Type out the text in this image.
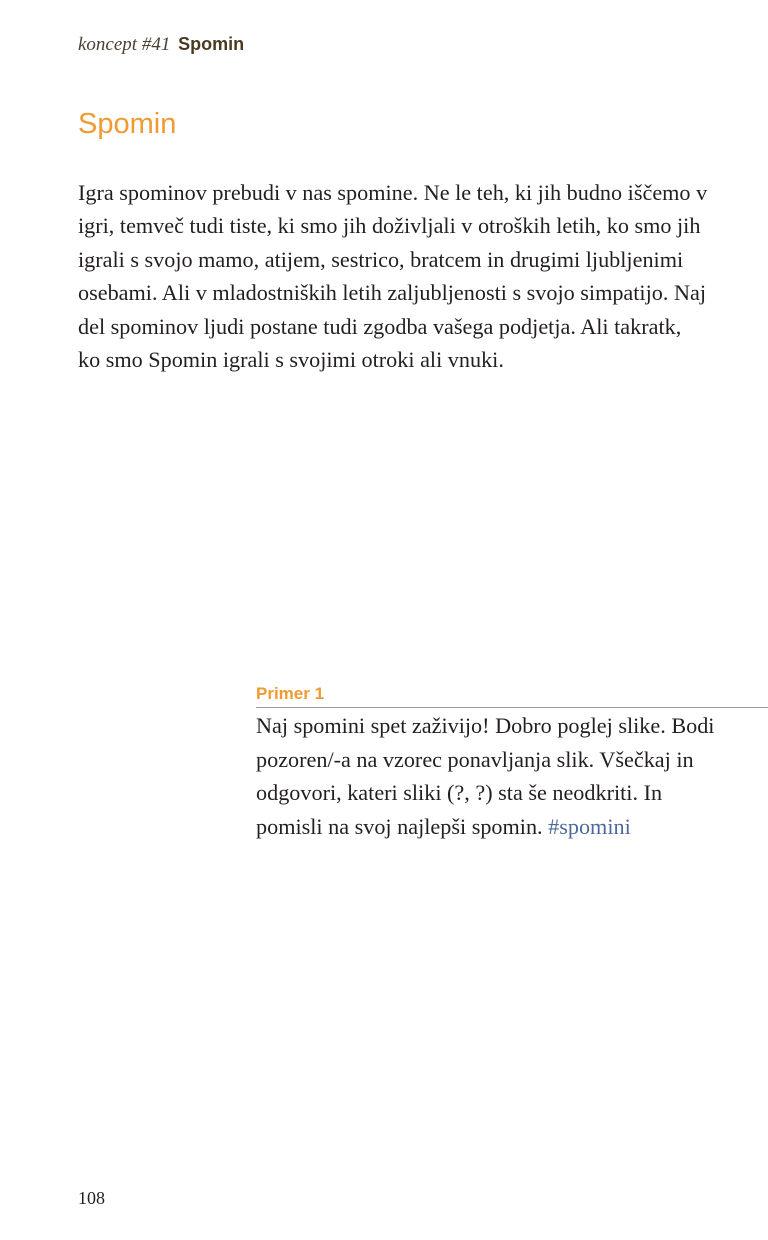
koncept #41 Spomin
Spomin

Igra spominov prebudi v nas spomine. Ne le teh, ki jih budno iščemo v igri, temveč tudi tiste, ki smo jih doživljali v otroških letih, ko smo jih igrali s svojo mamo, atijem, sestrico, bratcem in drugimi ljubljenimi osebami. Ali v mladostniških letih zaljubljenosti s svojo simpatijo. Naj del spominov ljudi postane tudi zgodba vašega podjetja. Ali takratk, ko smo Spomin igrali s svojimi otroki ali vnuki.

Primer 1

Naj spomini spet zaživijo! Dobro poglej slike. Bodi pozoren/-a na vzorec ponavljanja slik. Všečkaj in odgovori, kateri sliki (?, ?) sta še neodkriti. In pomisli na svoj najlepši spomin. #spomini

108
